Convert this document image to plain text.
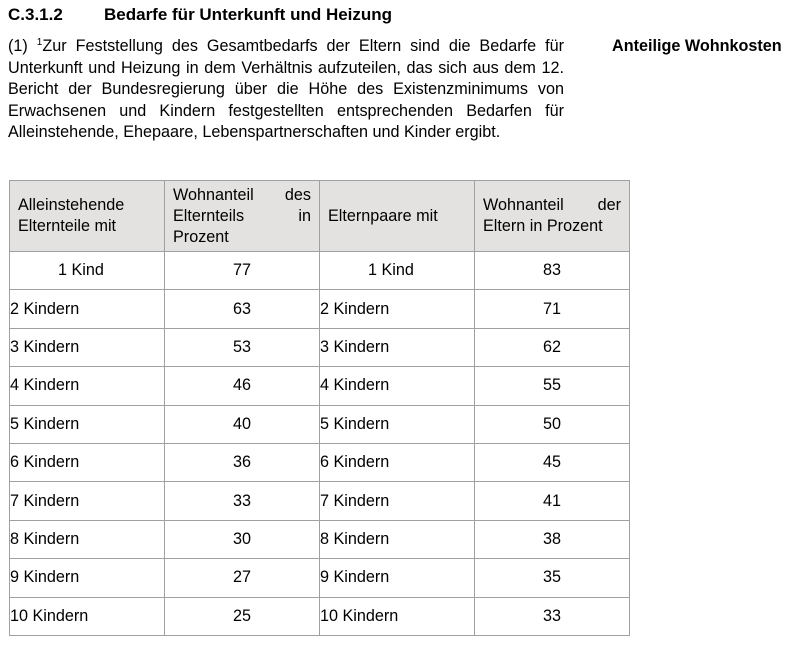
C.3.1.2 Bedarfe für Unterkunft und Heizung
(1) $^1$Zur Feststellung des Gesamtbedarfs der Eltern sind die Bedarfe für Unterkunft und Heizung in dem Verhältnis aufzuteilen, das sich aus dem 12. Bericht der Bundesregierung über die Höhe des Existenzminimums von Erwachsenen und Kindern festgestellten entsprechenden Bedarfen für Alleinstehende, Ehepaare, Lebenspartnerschaften und Kinder ergibt.
Anteilige Wohnkosten
Alleinstehende Elternteile mit	Wohnanteil des Elternteils in Prozent	Elternpaare mit	Wohnanteil der Eltern in Prozent

1 Kind	77	1 Kind	83
2 Kindern	63	2 Kindern	71
3 Kindern	53	3 Kindern	62
4 Kindern	46	4 Kindern	55
5 Kindern	40	5 Kindern	50
6 Kindern	36	6 Kindern	45
7 Kindern	33	7 Kindern	41
8 Kindern	30	8 Kindern	38
9 Kindern	27	9 Kindern	35
10 Kindern	25	10 Kindern	33
